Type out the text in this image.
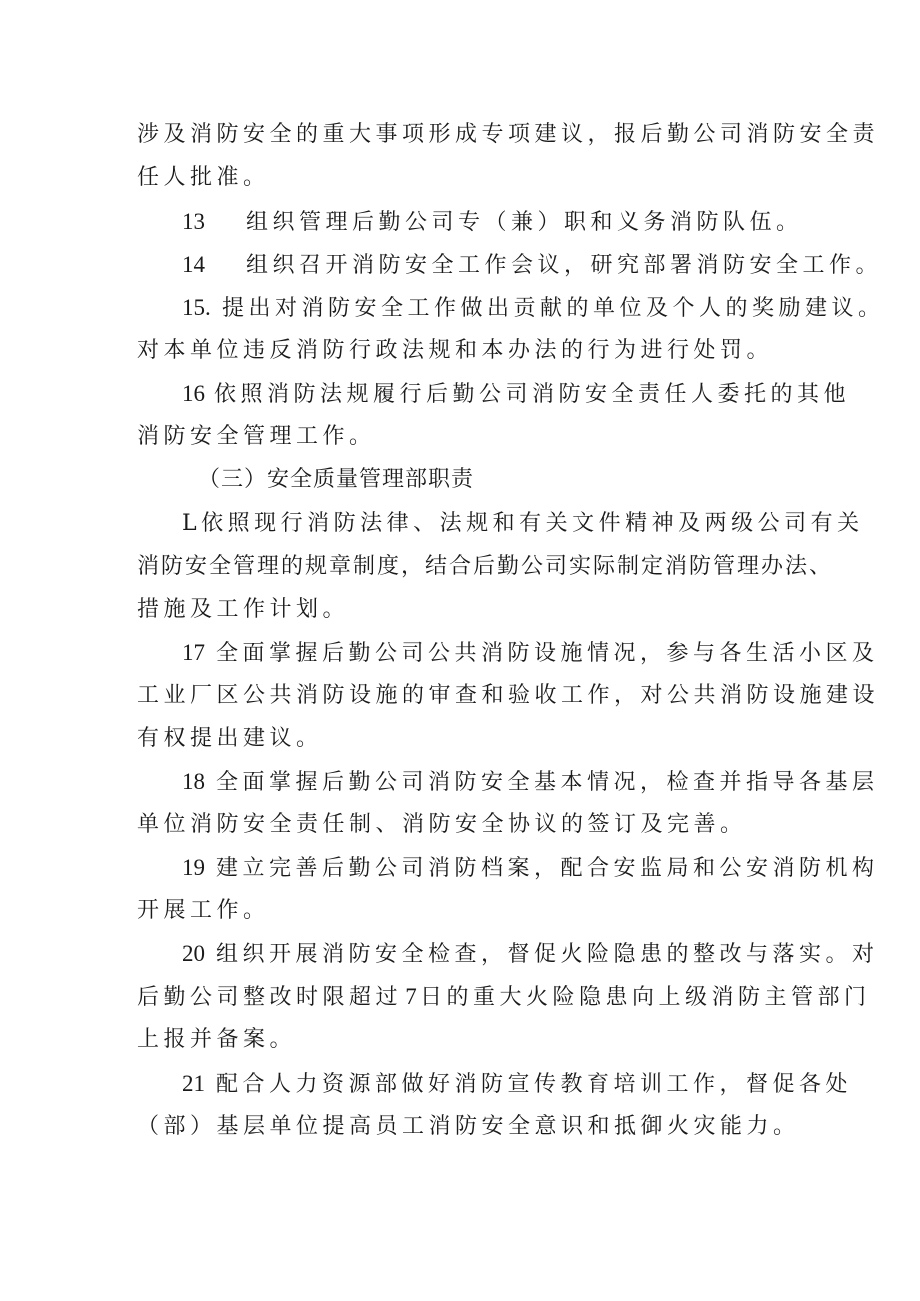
涉及消防安全的重大事项形成专项建议，报后勤公司消防安全责
任人批准。
13 组织管理后勤公司专（兼）职和义务消防队伍。
14 组织召开消防安全工作会议，研究部署消防安全工作。
15. 提出对消防安全工作做出贡献的单位及个人的奖励建议。
对本单位违反消防行政法规和本办法的行为进行处罚。
16 依照消防法规履行后勤公司消防安全责任人委托的其他
消防安全管理工作。
（三）安全质量管理部职责
L依照现行消防法律、法规和有关文件精神及两级公司有关
消防安全管理的规章制度，结合后勤公司实际制定消防管理办法、
措施及工作计划。
17 全面掌握后勤公司公共消防设施情况，参与各生活小区及
工业厂区公共消防设施的审查和验收工作，对公共消防设施建设
有权提出建议。
18 全面掌握后勤公司消防安全基本情况，检查并指导各基层
单位消防安全责任制、消防安全协议的签订及完善。
19 建立完善后勤公司消防档案，配合安监局和公安消防机构
开展工作。
20 组织开展消防安全检查，督促火险隐患的整改与落实。对
后勤公司整改时限超过 7 日的重大火险隐患向上级消防主管部门
上报并备案。
21 配合人力资源部做好消防宣传教育培训工作，督促各处
（部）基层单位提高员工消防安全意识和抵御火灾能力。
